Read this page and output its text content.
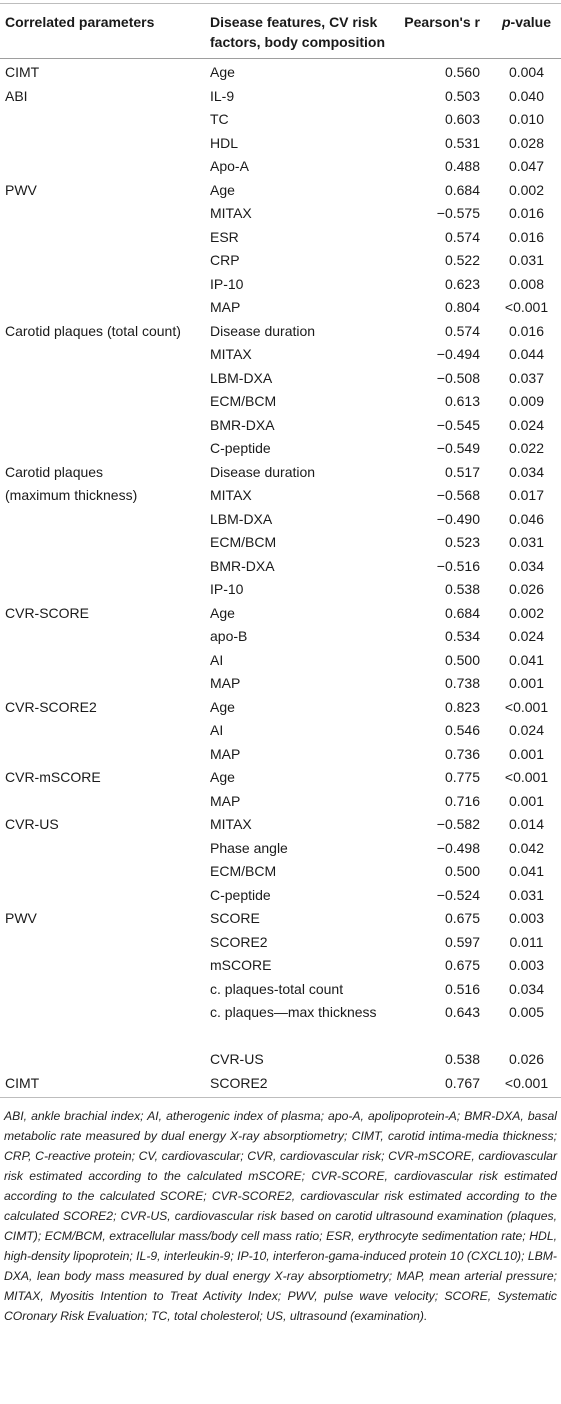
Correlated parameters	Disease features, CV risk factors, body composition	Pearson's r	p-value
CIMT	Age	0.560	0.004
ABI	IL-9	0.503	0.040
	TC	0.603	0.010
	HDL	0.531	0.028
	Apo-A	0.488	0.047
PWV	Age	0.684	0.002
	MITAX	−0.575	0.016
	ESR	0.574	0.016
	CRP	0.522	0.031
	IP-10	0.623	0.008
	MAP	0.804	<0.001
Carotid plaques (total count)	Disease duration	0.574	0.016
	MITAX	−0.494	0.044
	LBM-DXA	−0.508	0.037
	ECM/BCM	0.613	0.009
	BMR-DXA	−0.545	0.024
	C-peptide	−0.549	0.022
Carotid plaques	Disease duration	0.517	0.034
(maximum thickness)	MITAX	−0.568	0.017
	LBM-DXA	−0.490	0.046
	ECM/BCM	0.523	0.031
	BMR-DXA	−0.516	0.034
	IP-10	0.538	0.026
CVR-SCORE	Age	0.684	0.002
	apo-B	0.534	0.024
	AI	0.500	0.041
	MAP	0.738	0.001
CVR-SCORE2	Age	0.823	<0.001
	AI	0.546	0.024
	MAP	0.736	0.001
CVR-mSCORE	Age	0.775	<0.001
	MAP	0.716	0.001
CVR-US	MITAX	−0.582	0.014
	Phase angle	−0.498	0.042
	ECM/BCM	0.500	0.041
	C-peptide	−0.524	0.031
PWV	SCORE	0.675	0.003
	SCORE2	0.597	0.011
	mSCORE	0.675	0.003
	c. plaques-total count	0.516	0.034
	c. plaques—max thickness	0.643	0.005
	CVR-US	0.538	0.026
CIMT	SCORE2	0.767	<0.001
ABI, ankle brachial index; AI, atherogenic index of plasma; apo-A, apolipoprotein-A; BMR-DXA, basal metabolic rate measured by dual energy X-ray absorptiometry; CIMT, carotid intima-media thickness; CRP, C-reactive protein; CV, cardiovascular; CVR, cardiovascular risk; CVR-mSCORE, cardiovascular risk estimated according to the calculated mSCORE; CVR-SCORE, cardiovascular risk estimated according to the calculated SCORE; CVR-SCORE2, cardiovascular risk estimated according to the calculated SCORE2; CVR-US, cardiovascular risk based on carotid ultrasound examination (plaques, CIMT); ECM/BCM, extracellular mass/body cell mass ratio; ESR, erythrocyte sedimentation rate; HDL, high-density lipoprotein; IL-9, interleukin-9; IP-10, interferon-gama-induced protein 10 (CXCL10); LBM-DXA, lean body mass measured by dual energy X-ray absorptiometry; MAP, mean arterial pressure; MITAX, Myositis Intention to Treat Activity Index; PWV, pulse wave velocity; SCORE, Systematic COronary Risk Evaluation; TC, total cholesterol; US, ultrasound (examination).
